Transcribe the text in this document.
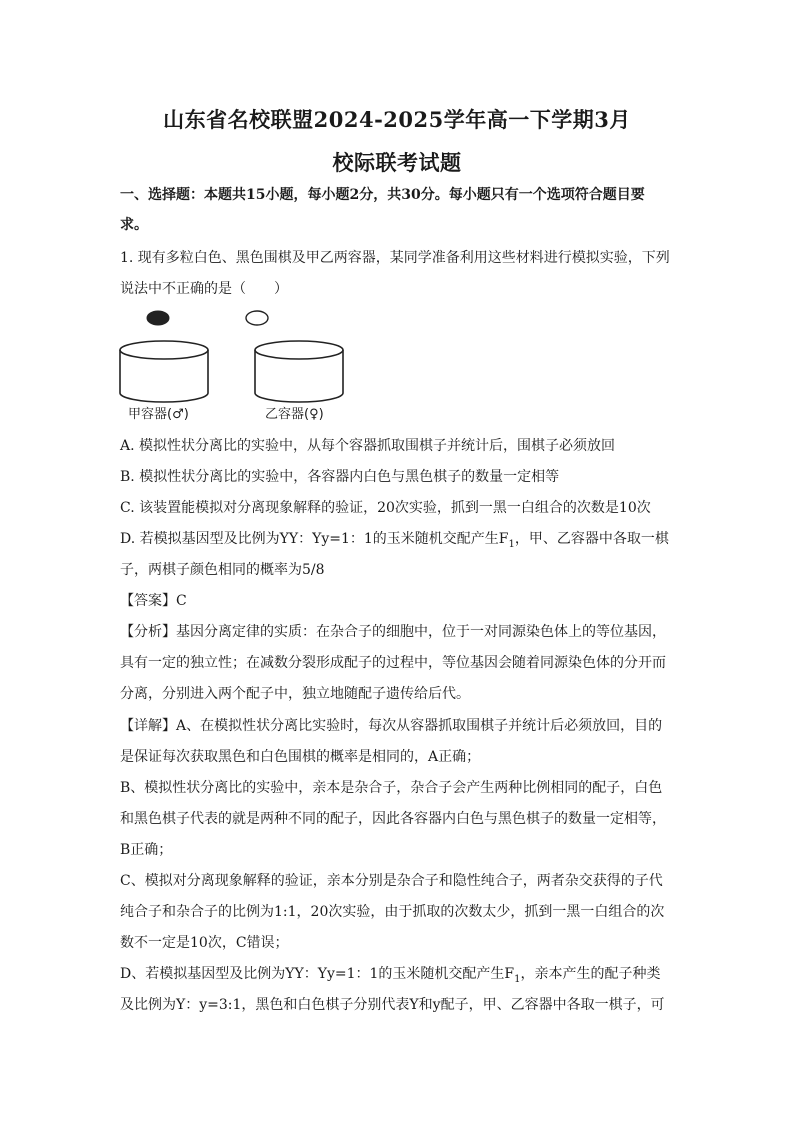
山东省名校联盟2024-2025学年高一下学期3月
校际联考试题
一、选择题：本题共15小题，每小题2分，共30分。每小题只有一个选项符合题目要
求。
1. 现有多粒白色、黑色围棋及甲乙两容器，某同学准备利用这些材料进行模拟实验，下列
说法中不正确的是（　　）
甲容器(♂)	乙容器(♀)
A. 模拟性状分离比的实验中，从每个容器抓取围棋子并统计后，围棋子必须放回
B. 模拟性状分离比的实验中，各容器内白色与黑色棋子的数量一定相等
C. 该装置能模拟对分离现象解释的验证，20次实验，抓到一黑一白组合的次数是10次
D. 若模拟基因型及比例为YY：Yy=1：1的玉米随机交配产生$F_1$，甲、乙容器中各取一棋
子，两棋子颜色相同的概率为5/8
【答案】C
【分析】基因分离定律的实质：在杂合子的细胞中，位于一对同源染色体上的等位基因，
具有一定的独立性；在减数分裂形成配子的过程中，等位基因会随着同源染色体的分开而
分离，分别进入两个配子中，独立地随配子遗传给后代。
【详解】A、在模拟性状分离比实验时，每次从容器抓取围棋子并统计后必须放回，目的
是保证每次获取黑色和白色围棋的概率是相同的，A正确；
B、模拟性状分离比的实验中，亲本是杂合子，杂合子会产生两种比例相同的配子，白色
和黑色棋子代表的就是两种不同的配子，因此各容器内白色与黑色棋子的数量一定相等，
B正确；
C、模拟对分离现象解释的验证，亲本分别是杂合子和隐性纯合子，两者杂交获得的子代
纯合子和杂合子的比例为1:1，20次实验，由于抓取的次数太少，抓到一黑一白组合的次
数不一定是10次，C错误；
D、若模拟基因型及比例为YY：Yy=1：1的玉米随机交配产生$F_1$，亲本产生的配子种类
及比例为Y：y=3:1，黑色和白色棋子分别代表Y和y配子，甲、乙容器中各取一棋子，可
